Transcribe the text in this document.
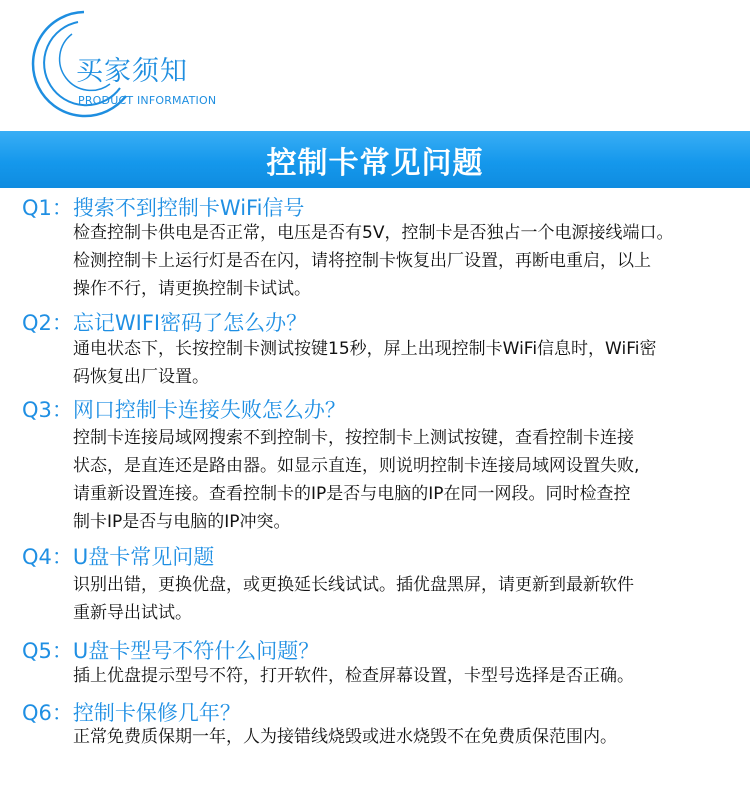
买家须知
PRODUCT INFORMATION
控制卡常见问题
Q1：搜索不到控制卡WiFi信号
检查控制卡供电是否正常，电压是否有5V，控制卡是否独占一个电源接线端口。
检测控制卡上运行灯是否在闪，请将控制卡恢复出厂设置，再断电重启，以上
操作不行，请更换控制卡试试。
Q2：忘记WIFI密码了怎么办？
通电状态下，长按控制卡测试按键15秒，屏上出现控制卡WiFi信息时，WiFi密
码恢复出厂设置。
Q3：网口控制卡连接失败怎么办？
控制卡连接局域网搜索不到控制卡，按控制卡上测试按键，查看控制卡连接
状态，是直连还是路由器。如显示直连，则说明控制卡连接局域网设置失败,
请重新设置连接。查看控制卡的IP是否与电脑的IP在同一网段。同时检查控
制卡IP是否与电脑的IP冲突。
Q4：U盘卡常见问题
识别出错，更换优盘，或更换延长线试试。插优盘黑屏，请更新到最新软件
重新导出试试。
Q5：U盘卡型号不符什么问题？
插上优盘提示型号不符，打开软件，检查屏幕设置，卡型号选择是否正确。
Q6：控制卡保修几年？
正常免费质保期一年，人为接错线烧毁或进水烧毁不在免费质保范围内。
